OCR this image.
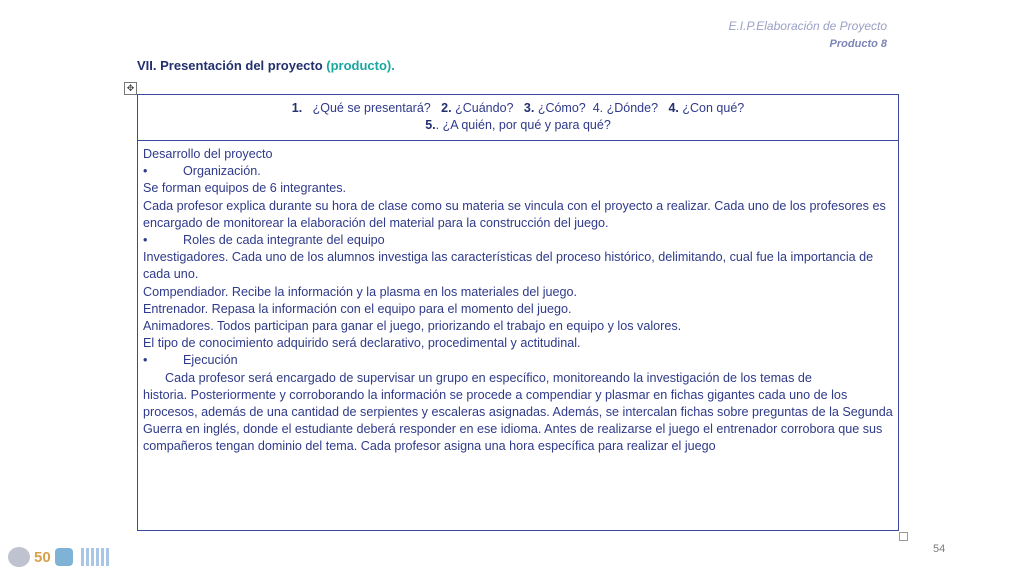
E.I.P.Elaboración de Proyecto
Producto 8
VII. Presentación del proyecto (producto).
✥
1. ¿Qué se presentará? 2. ¿Cuándo? 3. ¿Cómo? 4. ¿Dónde? 4. ¿Con qué?
5.. ¿A quién, por qué y para qué?

Desarrollo del proyecto

•	Organización.

Se forman equipos de 6 integrantes.

Cada profesor explica durante su hora de clase como su materia se vincula con el proyecto a realizar. Cada uno de los profesores es encargado de monitorear la elaboración del material para la construcción del juego.

•	Roles de cada integrante del equipo

Investigadores. Cada uno de los alumnos investiga las características del proceso histórico, delimitando, cual fue la importancia de cada uno.

Compendiador. Recibe la información y la plasma en los materiales del juego.

Entrenador. Repasa la información con el equipo para el momento del juego.

Animadores. Todos participan para ganar el juego, priorizando el trabajo en equipo y los valores.

El tipo de conocimiento adquirido será declarativo, procedimental y actitudinal.

•	Ejecución

Cada profesor será encargado de supervisar un grupo en específico, monitoreando la investigación de los temas de

historia. Posteriormente y corroborando la información se procede a compendiar y plasmar en fichas gigantes cada uno de los procesos, además de una cantidad de serpientes y escaleras asignadas. Además, se intercalan fichas sobre preguntas de la Segunda Guerra en inglés, donde el estudiante deberá responder en ese idioma. Antes de realizarse el juego el entrenador corrobora que sus compañeros tengan dominio del tema. Cada profesor asigna una hora específica para realizar el juego

54
50
